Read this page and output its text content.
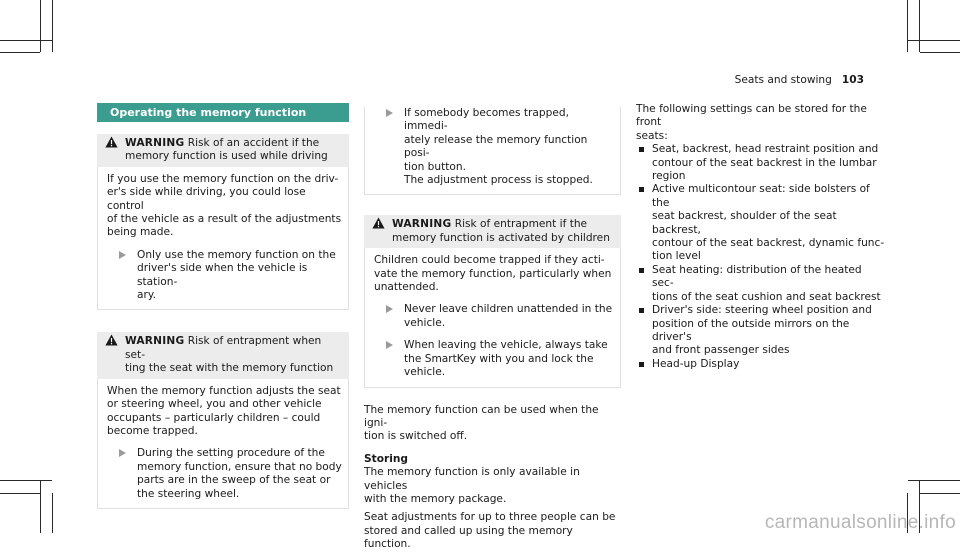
Seats and stowing 103
Operating the memory function
WARNING Risk of an accident if the
memory function is used while driving

If you use the memory function on the driv-
er's side while driving, you could lose control
of the vehicle as a result of the adjustments
being made.

Only use the memory function on the
driver's side when the vehicle is station-
ary.
WARNING Risk of entrapment when set-
ting the seat with the memory function

When the memory function adjusts the seat
or steering wheel, you and other vehicle
occupants – particularly children – could
become trapped.

During the setting procedure of the
memory function, ensure that no body
parts are in the sweep of the seat or
the steering wheel.
If somebody becomes trapped, immedi-
ately release the memory function posi-
tion button.
The adjustment process is stopped.
WARNING Risk of entrapment if the
memory function is activated by children

Children could become trapped if they acti-
vate the memory function, particularly when
unattended.

Never leave children unattended in the
vehicle.
When leaving the vehicle, always take
the SmartKey with you and lock the
vehicle.

The memory function can be used when the igni-
tion is switched off.

Storing

The memory function is only available in vehicles
with the memory package.

Seat adjustments for up to three people can be
stored and called up using the memory function.

The following settings can be stored for the front
seats:

Seat, backrest, head restraint position and
contour of the seat backrest in the lumbar
region
Active multicontour seat: side bolsters of the
seat backrest, shoulder of the seat backrest,
contour of the seat backrest, dynamic func-
tion level
Seat heating: distribution of the heated sec-
tions of the seat cushion and seat backrest
Driver's side: steering wheel position and
position of the outside mirrors on the driver's
and front passenger sides
Head-up Display
carmanualsonline.info
